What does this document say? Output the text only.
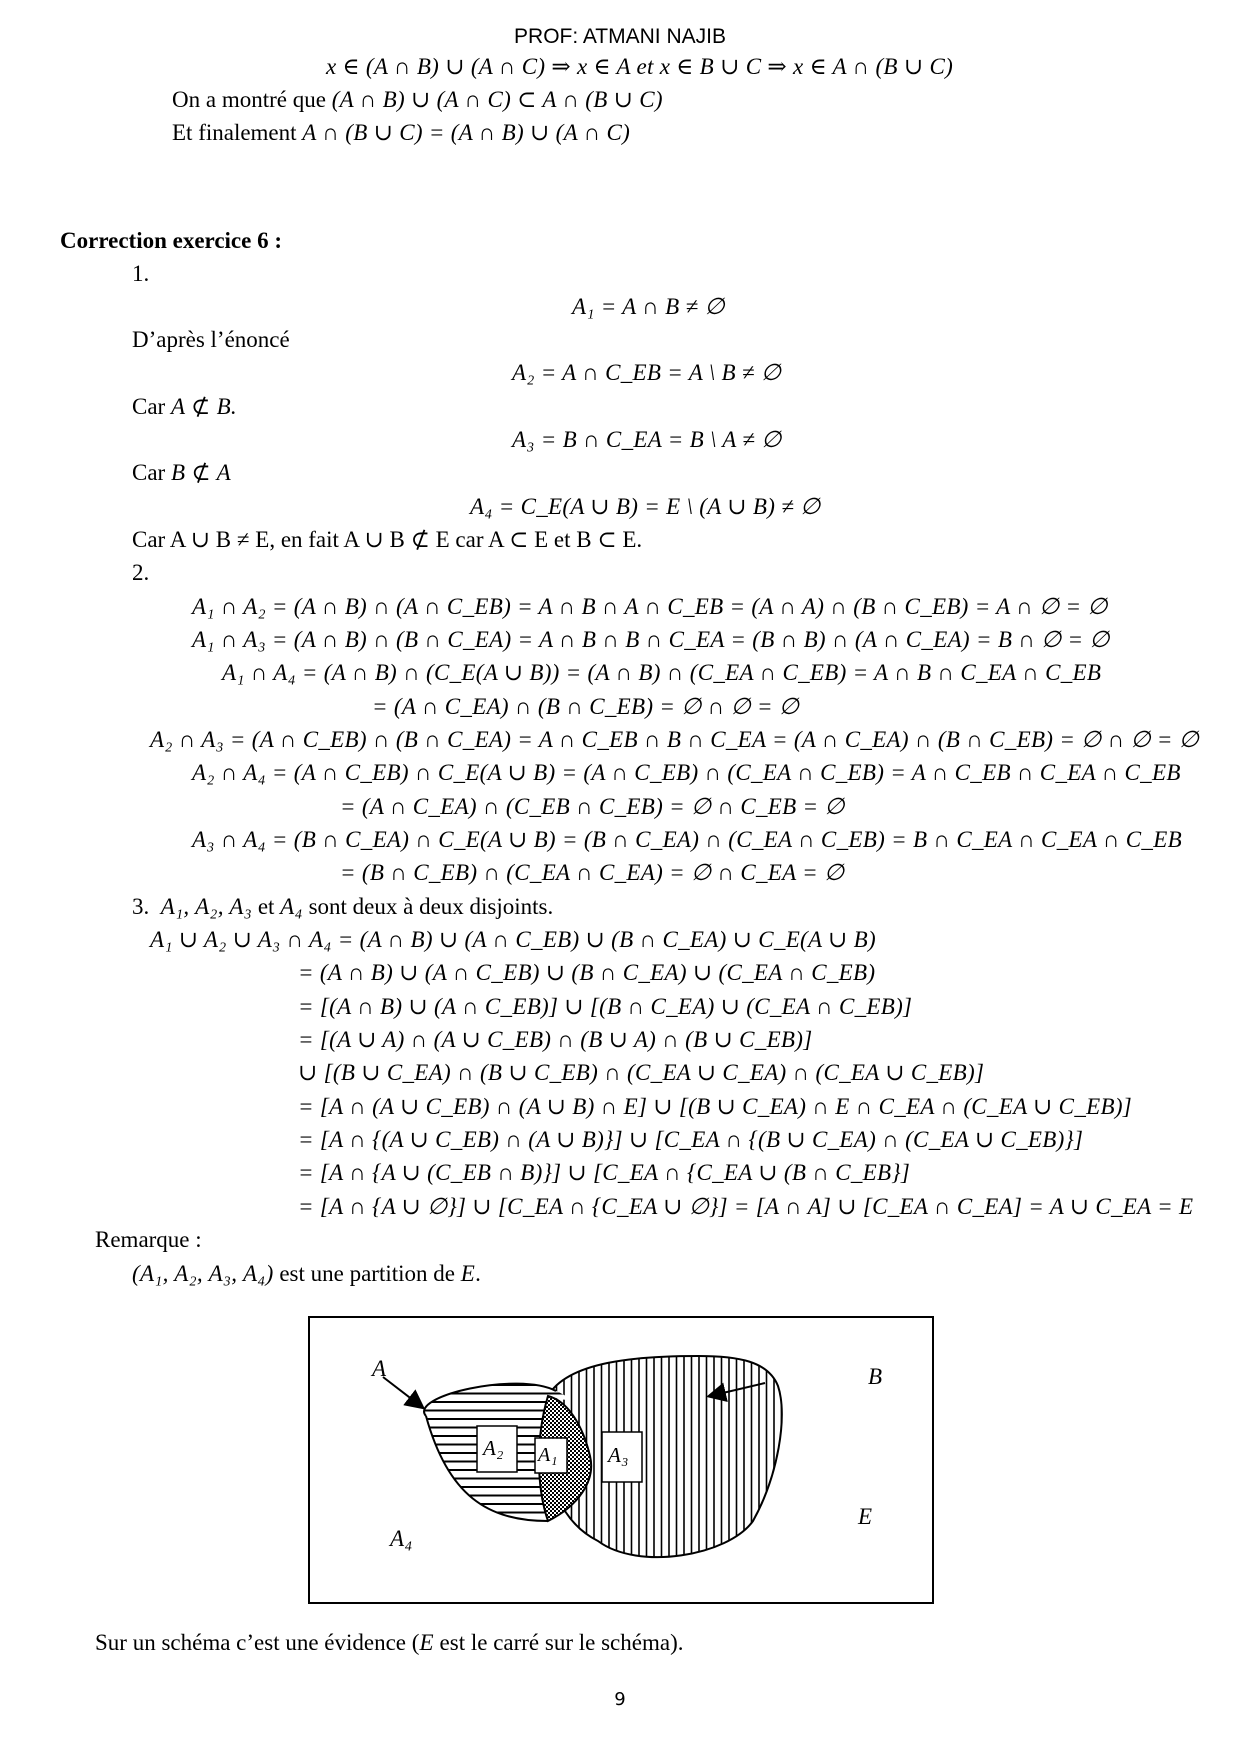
PROF: ATMANI NAJIB
x ∈ (A ∩ B) ∪ (A ∩ C) ⇒ x ∈ A et x ∈ B ∪ C ⇒ x ∈ A ∩ (B ∪ C)
On a montré que (A ∩ B) ∪ (A ∩ C) ⊂ A ∩ (B ∪ C)
Et finalement A ∩ (B ∪ C) = (A ∩ B) ∪ (A ∩ C)
Correction exercice 6 :
1.
A₁ = A ∩ B ≠ ∅
D’après l’énoncé
A₂ = A ∩ C_EB = A \ B ≠ ∅
Car A ⊄ B.
A₃ = B ∩ C_EA = B \ A ≠ ∅
Car B ⊄ A
A₄ = C_E(A ∪ B) = E \ (A ∪ B) ≠ ∅
Car A ∪ B ≠ E, en fait A ∪ B ⊄ E car A ⊂ E et B ⊂ E.
2.
A₁ ∩ A₂ = (A ∩ B) ∩ (A ∩ C_EB) = A ∩ B ∩ A ∩ C_EB = (A ∩ A) ∩ (B ∩ C_EB) = A ∩ ∅ = ∅
A₁ ∩ A₃ = (A ∩ B) ∩ (B ∩ C_EA) = A ∩ B ∩ B ∩ C_EA = (B ∩ B) ∩ (A ∩ C_EA) = B ∩ ∅ = ∅
A₁ ∩ A₄ = (A ∩ B) ∩ (C_E(A ∪ B)) = (A ∩ B) ∩ (C_EA ∩ C_EB) = A ∩ B ∩ C_EA ∩ C_EB
= (A ∩ C_EA) ∩ (B ∩ C_EB) = ∅ ∩ ∅ = ∅
A₂ ∩ A₃ = (A ∩ C_EB) ∩ (B ∩ C_EA) = A ∩ C_EB ∩ B ∩ C_EA = (A ∩ C_EA) ∩ (B ∩ C_EB) = ∅ ∩ ∅ = ∅
A₂ ∩ A₄ = (A ∩ C_EB) ∩ C_E(A ∪ B) = (A ∩ C_EB) ∩ (C_EA ∩ C_EB) = A ∩ C_EB ∩ C_EA ∩ C_EB
= (A ∩ C_EA) ∩ (C_EB ∩ C_EB) = ∅ ∩ C_EB = ∅
A₃ ∩ A₄ = (B ∩ C_EA) ∩ C_E(A ∪ B) = (B ∩ C_EA) ∩ (C_EA ∩ C_EB) = B ∩ C_EA ∩ C_EA ∩ C_EB
= (B ∩ C_EB) ∩ (C_EA ∩ C_EA) = ∅ ∩ C_EA = ∅
3. A₁, A₂, A₃ et A₄ sont deux à deux disjoints.
A₁ ∪ A₂ ∪ A₃ ∩ A₄ = (A ∩ B) ∪ (A ∩ C_EB) ∪ (B ∩ C_EA) ∪ C_E(A ∪ B)
= (A ∩ B) ∪ (A ∩ C_EB) ∪ (B ∩ C_EA) ∪ (C_EA ∩ C_EB)
= [(A ∩ B) ∪ (A ∩ C_EB)] ∪ [(B ∩ C_EA) ∪ (C_EA ∩ C_EB)]
= [(A ∪ A) ∩ (A ∪ C_EB) ∩ (B ∪ A) ∩ (B ∪ C_EB)]
∪ [(B ∪ C_EA) ∩ (B ∪ C_EB) ∩ (C_EA ∪ C_EA) ∩ (C_EA ∪ C_EB)]
= [A ∩ (A ∪ C_EB) ∩ (A ∪ B) ∩ E] ∪ [(B ∪ C_EA) ∩ E ∩ C_EA ∩ (C_EA ∪ C_EB)]
= [A ∩ {(A ∪ C_EB) ∩ (A ∪ B)}] ∪ [C_EA ∩ {(B ∪ C_EA) ∩ (C_EA ∪ C_EB)}]
= [A ∩ {A ∪ (C_EB ∩ B)}] ∪ [C_EA ∩ {C_EA ∪ (B ∩ C_EB}]
= [A ∩ {A ∪ ∅}] ∪ [C_EA ∩ {C_EA ∪ ∅}] = [A ∩ A] ∪ [C_EA ∩ C_EA] = A ∪ C_EA = E
Remarque :
(A₁, A₂, A₃, A₄) est une partition de E.
A	B
E
A₂ A₁ A₃
A₄
Sur un schéma c’est une évidence (E est le carré sur le schéma).
9
